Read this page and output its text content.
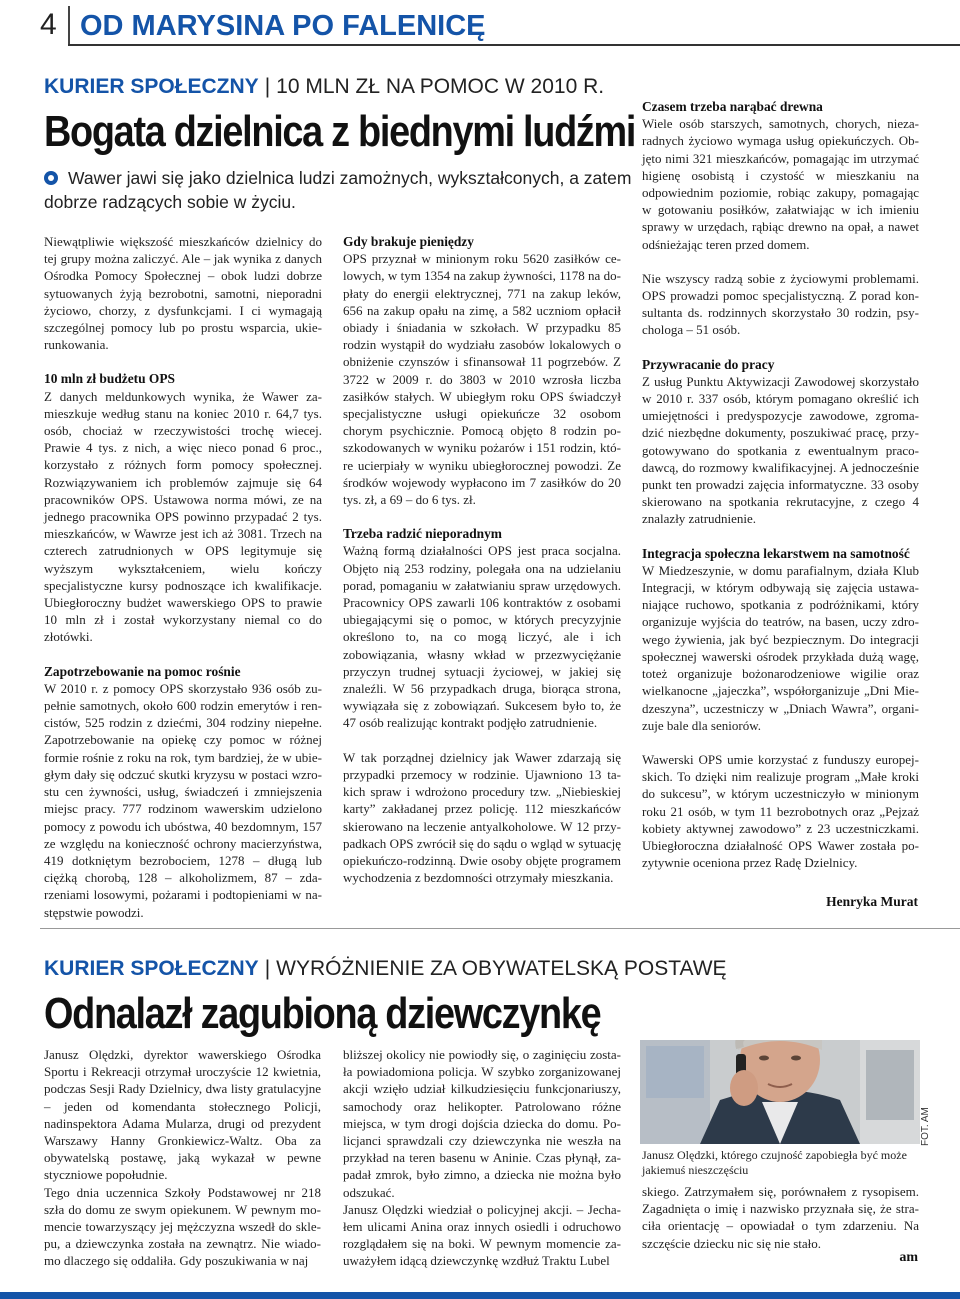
4 OD MARYSINA PO FALENICĘ
KURIER SPOŁECZNY | 10 MLN ZŁ NA POMOC W 2010 R.
Bogata dzielnica z biednymi ludźmi
Wawer jawi się jako dzielnica ludzi zamożnych, wykształconych, a zatem dobrze radzących sobie w życiu.

Niewątpliwie większość mieszkańców dzielnicy do tej grupy można zaliczyć. Ale – jak wynika z danych Ośrodka Pomocy Społecznej – obok ludzi dobrze sytuowanych żyją bezrobotni, samotni, nieporadni życiowo, chorzy, z dysfunkcjami. I ci wymagają szczególnej pomocy lub po prostu wsparcia, ukierunkowania.

10 mln zł budżetu OPS

Z danych meldunkowych wynika, że Wawer zamieszkuje według stanu na koniec 2010 r. 64,7 tys. osób, chociaż w rzeczywistości trochę wiecej. Prawie 4 tys. z nich, a więc nieco ponad 6 proc., korzystało z różnych form pomocy społecznej. Rozwiązywaniem ich problemów zajmuje się 64 pracowników OPS. Ustawowa norma mówi, ze na jednego pracownika OPS powinno przypadać 2 tys. mieszkańców, w Wawrze jest ich aż 3081. Trzech na czterech zatrudnionych w OPS legitymuje się wyższym wykształceniem, wielu kończy specjalistyczne kursy podnoszące ich kwalifikacje. Ubiegłoroczny budżet wawerskiego OPS to prawie 10 mln zł i został wykorzystany niemal co do złotówki.

Zapotrzebowanie na pomoc rośnie

W 2010 r. z pomocy OPS skorzystało 936 osób zupełnie samotnych, około 600 rodzin emerytów i rencistów, 525 rodzin z dziećmi, 304 rodziny niepełne. Zapotrzebowanie na opiekę czy pomoc w różnej formie rośnie z roku na rok, tym bardziej, że w ubiegłym dały się odczuć skutki kryzysu w postaci wzrostu cen żywności, usług, świadczeń i zmniejszenia miejsc pracy. 777 rodzinom wawerskim udzielono pomocy z powodu ich ubóstwa, 40 bezdomnym, 157 ze względu na konieczność ochrony macierzyństwa, 419 dotkniętym bezrobociem, 1278 – długą lub ciężką chorobą, 128 – alkoholizmem, 87 – zdarzeniami losowymi, pożarami i podtopieniami w następstwie powodzi.

Gdy brakuje pieniędzy

OPS przyznał w minionym roku 5620 zasiłków celowych, w tym 1354 na zakup żywności, 1178 na dopłaty do energii elektrycznej, 771 na zakup leków, 656 na zakup opału na zimę, a 582 uczniom opłacił obiady i śniadania w szkołach. W przypadku 85 rodzin wystąpił do wydziału zasobów lokalowych o obniżenie czynszów i sfinansował 11 pogrzebów. Z 3722 w 2009 r. do 3803 w 2010 wzrosła liczba zasiłków stałych. W ubiegłym roku OPS świadczył specjalistyczne usługi opiekuńcze 32 osobom chorym psychicznie. Pomocą objęto 8 rodzin poszkodowanych w wyniku pożarów i 151 rodzin, które ucierpiały w wyniku ubiegłorocznej powodzi. Ze środków wojewody wypłacono im 7 zasiłków do 20 tys. zł, a 69 – do 6 tys. zł.

Trzeba radzić nieporadnym

Ważną formą działalności OPS jest praca socjalna. Objęto nią 253 rodziny, polegała ona na udzielaniu porad, pomaganiu w załatwianiu spraw urzędowych. Pracownicy OPS zawarli 106 kontraktów z osobami ubiegającymi się o pomoc, w których precyzyjnie określono to, na co mogą liczyć, ale i ich zobowiązania, własny wkład w przezwyciężanie przyczyn trudnej sytuacji życiowej, w jakiej się znaleźli. W 56 przypadkach druga, biorąca strona, wywiązała się z zobowiązań. Sukcesem było to, że 47 osób realizując kontrakt podjęło zatrudnienie.

W tak porządnej dzielnicy jak Wawer zdarzają się przypadki przemocy w rodzinie. Ujawniono 13 takich spraw i wdrożono procedury tzw. „Niebieskiej karty” zakładanej przez policję. 112 mieszkańców skierowano na leczenie antyalkoholowe. W 12 przypadkach OPS zwrócił się do sądu o wgląd w sytuację opiekuńczo-rodzinną. Dwie osoby objęte programem wychodzenia z bezdomności otrzymały mieszkania.

Czasem trzeba narąbać drewna

Wiele osób starszych, samotnych, chorych, niezaradnych życiowo wymaga usług opiekuńczych. Objęto nimi 321 mieszkańców, pomagając im utrzymać higienę osobistą i czystość w mieszkaniu na odpowiednim poziomie, robiąc zakupy, pomagając w gotowaniu posiłków, załatwiając w ich imieniu sprawy w urzędach, rąbiąc drewno na opał, a nawet odśnieżając teren przed domem.

Nie wszyscy radzą sobie z życiowymi problemami. OPS prowadzi pomoc specjalistyczną. Z porad konsultanta ds. rodzinnych skorzystało 30 rodzin, psychologa – 51 osób.

Przywracanie do pracy

Z usług Punktu Aktywizacji Zawodowej skorzystało w 2010 r. 337 osób, którym pomagano określić ich umiejętności i predyspozycje zawodowe, zgromadzić niezbędne dokumenty, poszukiwać pracę, przygotowywano do spotkania z ewentualnym pracodawcą, do rozmowy kwalifikacyjnej. A jednocześnie punkt ten prowadzi zajęcia informatyczne. 33 osoby skierowano na spotkania rekrutacyjne, z czego 4 znalazły zatrudnienie.

Integracja społeczna lekarstwem na samotność

W Miedzeszynie, w domu parafialnym, działa Klub Integracji, w którym odbywają się zajęcia ustawaniające ruchowo, spotkania z podróżnikami, który organizuje wyjścia do teatrów, na basen, uczy zdrowego żywienia, jak być bezpiecznym. Do integracji społecznej wawerski ośrodek przykłada dużą wagę, toteż organizuje bożonarodzeniowe wigilie oraz wielkanocne „jajeczka”, współorganizuje „Dni Miedzeszyna”, uczestniczy w „Dniach Wawra”, organizuje bale dla seniorów.

Wawerski OPS umie korzystać z funduszy europejskich. To dzięki nim realizuje program „Małe kroki do sukcesu”, w którym uczestniczyło w minionym roku 21 osób, w tym 11 bezrobotnych oraz „Pejzaż kobiety aktywnej zawodowo” z 23 uczestniczkami. Ubiegłoroczna działalność OPS Wawer została pozytywnie oceniona przez Radę Dzielnicy.

Henryka Murat
KURIER SPOŁECZNY | WYRÓŻNIENIE ZA OBYWATELSKĄ POSTAWĘ
Odnalazł zagubioną dziewczynkę

Janusz Olędzki, dyrektor wawerskiego Ośrodka Sportu i Rekreacji otrzymał uroczyście 12 kwietnia, podczas Sesji Rady Dzielnicy, dwa listy gratulacyjne – jeden od komendanta stołecznego Policji, nadinspektora Adama Mularza, drugi od prezydent Warszawy Hanny Gronkiewicz-Waltz. Oba za obywatelską postawę, jaką wykazał w pewne styczniowe popołudnie.

Tego dnia uczennica Szkoły Podstawowej nr 218 szła do domu ze swym opiekunem. W pewnym momencie towarzyszący jej mężczyzna wszedł do sklepu, a dziewczynka została na zewnątrz. Nie wiadomo dlaczego się oddaliła. Gdy poszukiwania w naj

bliższej okolicy nie powiodły się, o zaginięciu została powiadomiona policja. W szybko zorganizowanej akcji wzięło udział kilkudziesięciu funkcjonariuszy, samochody oraz helikopter. Patrolowano różne miejsca, w tym drogi dojścia dziecka do domu. Policjanci sprawdzali czy dziewczynka nie weszła na przykład na teren basenu w Aninie. Czas płynął, zapadał zmrok, było zimno, a dziecka nie można było odszukać.

Janusz Olędzki wiedział o policyjnej akcji. – Jechałem ulicami Anina oraz innych osiedli i odruchowo rozglądałem się na boki. W pewnym momencie zauważyłem idącą dziewczynkę wzdłuż Traktu Lubel

FOT. AM
Janusz Olędzki, którego czujność zapobiegła być może jakiemuś nieszczęściu

skiego. Zatrzymałem się, porównałem z rysopisem. Zagadnięta o imię i nazwisko przyznała się, że straciła orientację – opowiadał o tym zdarzeniu. Na szczęście dziecku nic się nie stało.

am
